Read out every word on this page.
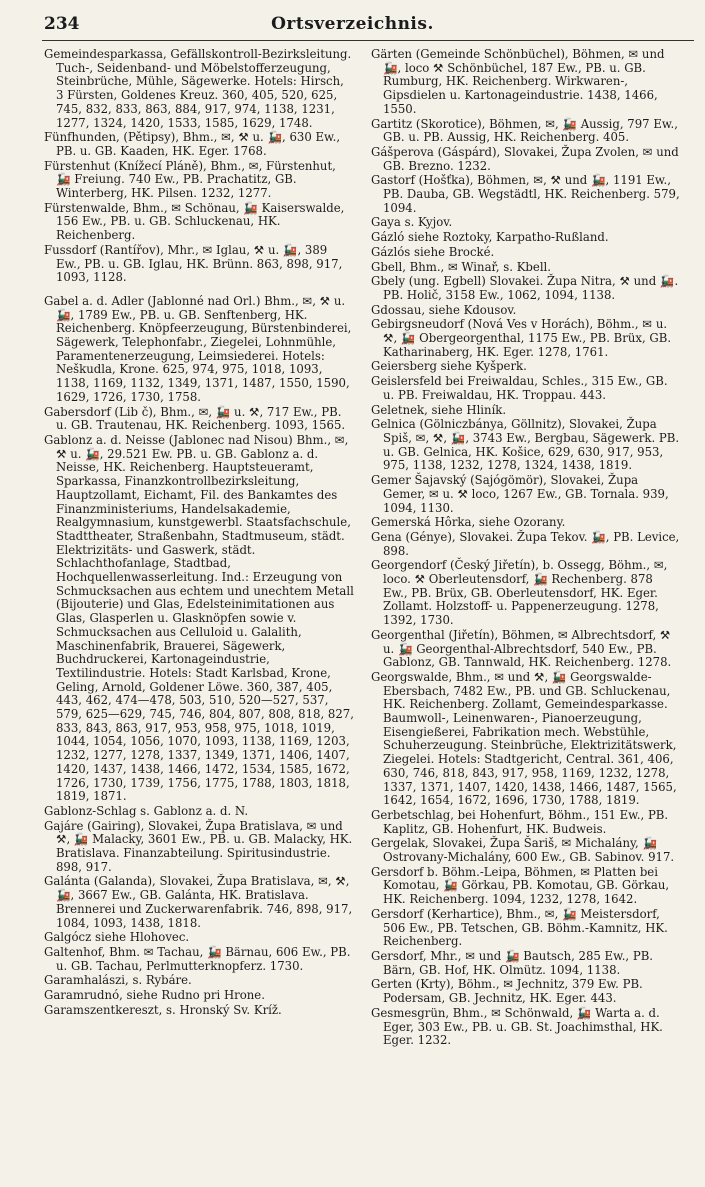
234	Ortsverzeichnis.

Gemeindesparkassa, Gefällskontroll-Bezirksleitung. Tuch-, Seidenband- und Möbelstofferzeugung, Steinbrüche, Mühle, Sägewerke. Hotels: Hirsch, 3 Fürsten, Goldenes Kreuz. 360, 405, 520, 625, 745, 832, 833, 863, 884, 917, 974, 1138, 1231, 1277, 1324, 1420, 1533, 1585, 1629, 1748.

Fünfhunden, (Pětipsy), Bhm., ✉, ⚒ u. 🚂, 630 Ew., PB. u. GB. Kaaden, HK. Eger. 1768.

Fürstenhut (Knížecí Pláně), Bhm., ✉, Fürstenhut, 🚂 Freiung. 740 Ew., PB. Prachatitz, GB. Winterberg, HK. Pilsen. 1232, 1277.

Fürstenwalde, Bhm., ✉ Schönau, 🚂 Kaiserswalde, 156 Ew., PB. u. GB. Schluckenau, HK. Reichenberg.

Fussdorf (Rantířov), Mhr., ✉ Iglau, ⚒ u. 🚂, 389 Ew., PB. u. GB. Iglau, HK. Brünn. 863, 898, 917, 1093, 1128.

Gabel a. d. Adler (Jablonné nad Orl.) Bhm., ✉, ⚒ u. 🚂, 1789 Ew., PB. u. GB. Senftenberg, HK. Reichenberg. Knöpfeerzeugung, Bürstenbinderei, Sägewerk, Telephonfabr., Ziegelei, Lohnmühle, Paramentenerzeugung, Leimsiederei. Hotels: Neškudla, Krone. 625, 974, 975, 1018, 1093, 1138, 1169, 1132, 1349, 1371, 1487, 1550, 1590, 1629, 1726, 1730, 1758.

Gabersdorf (Lib č), Bhm., ✉, 🚂 u. ⚒, 717 Ew., PB. u. GB. Trautenau, HK. Reichenberg. 1093, 1565.

Gablonz a. d. Neisse (Jablonec nad Nisou) Bhm., ✉, ⚒ u. 🚂, 29.521 Ew. PB. u. GB. Gablonz a. d. Neisse, HK. Reichenberg. Hauptsteueramt, Sparkassa, Finanzkontrollbezirksleitung, Hauptzollamt, Eichamt, Fil. des Bankamtes des Finanzministeriums, Handelsakademie, Realgymnasium, kunstgewerbl. Staatsfachschule, Stadttheater, Straßenbahn, Stadtmuseum, städt. Elektrizitäts- und Gaswerk, städt. Schlachthofanlage, Stadtbad, Hochquellenwasserleitung. Ind.: Erzeugung von Schmucksachen aus echtem und unechtem Metall (Bijouterie) und Glas, Edelsteinimitationen aus Glas, Glasperlen u. Glasknöpfen sowie v. Schmucksachen aus Celluloid u. Galalith, Maschinenfabrik, Brauerei, Sägewerk, Buchdruckerei, Kartonageindustrie, Textilindustrie. Hotels: Stadt Karlsbad, Krone, Geling, Arnold, Goldener Löwe. 360, 387, 405, 443, 462, 474—478, 503, 510, 520—527, 537, 579, 625—629, 745, 746, 804, 807, 808, 818, 827, 833, 843, 863, 917, 953, 958, 975, 1018, 1019, 1044, 1054, 1056, 1070, 1093, 1138, 1169, 1203, 1232, 1277, 1278, 1337, 1349, 1371, 1406, 1407, 1420, 1437, 1438, 1466, 1472, 1534, 1585, 1672, 1726, 1730, 1739, 1756, 1775, 1788, 1803, 1818, 1819, 1871.

Gablonz-Schlag s. Gablonz a. d. N.

Gajáre (Gairing), Slovakei, Župa Bratislava, ✉ und ⚒, 🚂 Malacky, 3601 Ew., PB. u. GB. Malacky, HK. Bratislava. Finanzabteilung. Spiritusindustrie. 898, 917.

Galánta (Galanda), Slovakei, Župa Bratislava, ✉, ⚒, 🚂, 3667 Ew., GB. Galánta, HK. Bratislava. Brennerei und Zuckerwarenfabrik. 746, 898, 917, 1084, 1093, 1438, 1818.

Galgócz siehe Hlohovec.

Galtenhof, Bhm. ✉ Tachau, 🚂 Bärnau, 606 Ew., PB. u. GB. Tachau, Perlmutterknopferz. 1730.

Garamhalászi, s. Rybáre.

Garamrudnó, siehe Rudno pri Hrone.

Garamszentkereszt, s. Hronský Sv. Kríž.

Gärten (Gemeinde Schönbüchel), Böhmen, ✉ und 🚂, loco ⚒ Schönbüchel, 187 Ew., PB. u. GB. Rumburg, HK. Reichenberg. Wirkwaren-, Gipsdielen u. Kartonageindustrie. 1438, 1466, 1550.

Gartitz (Skorotice), Böhmen, ✉, 🚂 Aussig, 797 Ew., GB. u. PB. Aussig, HK. Reichenberg. 405.

Gášperova (Gáspárd), Slovakei, Župa Zvolen, ✉ und GB. Brezno. 1232.

Gastorf (Hošťka), Böhmen, ✉, ⚒ und 🚂, 1191 Ew., PB. Dauba, GB. Wegstädtl, HK. Reichenberg. 579, 1094.

Gaya s. Kyjov.

Gázló siehe Roztoky, Karpatho-Rußland.

Gázlós siehe Brocké.

Gbell, Bhm., ✉ Winař, s. Kbell.

Gbely (ung. Egbell) Slovakei. Župa Nitra, ⚒ und 🚂. PB. Holič, 3158 Ew., 1062, 1094, 1138.

Gdossau, siehe Kdousov.

Gebirgsneudorf (Nová Ves v Horách), Böhm., ✉ u. ⚒, 🚂 Obergeorgenthal, 1175 Ew., PB. Brüx, GB. Katharinaberg, HK. Eger. 1278, 1761.

Geiersberg siehe Kyšperk.

Geislersfeld bei Freiwaldau, Schles., 315 Ew., GB. u. PB. Freiwaldau, HK. Troppau. 443.

Geletnek, siehe Hliník.

Gelnica (Gölniczbánya, Göllnitz), Slovakei, Župa Spiš, ✉, ⚒, 🚂, 3743 Ew., Bergbau, Sägewerk. PB. u. GB. Gelnica, HK. Košice, 629, 630, 917, 953, 975, 1138, 1232, 1278, 1324, 1438, 1819.

Gemer Šajavský (Sajógömör), Slovakei, Župa Gemer, ✉ u. ⚒ loco, 1267 Ew., GB. Tornala. 939, 1094, 1130.

Gemerská Hôrka, siehe Ozorany.

Gena (Gényе), Slovakei. Župa Tekov. 🚂, PB. Levice, 898.

Georgendorf (Český Jiřetín), b. Ossegg, Böhm., ✉, loco. ⚒ Oberleutensdorf, 🚂 Rechenberg. 878 Ew., PB. Brüx, GB. Oberleutensdorf, HK. Eger. Zollamt. Holzstoff- u. Pappenerzeugung. 1278, 1392, 1730.

Georgenthal (Jiřetín), Böhmen, ✉ Albrechtsdorf, ⚒ u. 🚂 Georgenthal-Albrechtsdorf, 540 Ew., PB. Gablonz, GB. Tannwald, HK. Reichenberg. 1278.

Georgswalde, Bhm., ✉ und ⚒, 🚂 Georgswalde-Ebersbach, 7482 Ew., PB. und GB. Schluckenau, HK. Reichenberg. Zollamt, Gemeindesparkasse. Baumwoll-, Leinenwaren-, Pianoerzeugung, Eisengießerei, Fabrikation mech. Webstühle, Schuherzeugung. Steinbrüche, Elektrizitätswerk, Ziegelei. Hotels: Stadtgericht, Central. 361, 406, 630, 746, 818, 843, 917, 958, 1169, 1232, 1278, 1337, 1371, 1407, 1420, 1438, 1466, 1487, 1565, 1642, 1654, 1672, 1696, 1730, 1788, 1819.

Gerbetschlag, bei Hohenfurt, Böhm., 151 Ew., PB. Kaplitz, GB. Hohenfurt, HK. Budweis.

Gergelak, Slovakei, Župa Šariš, ✉ Michalány, 🚂 Ostrovany-Michalány, 600 Ew., GB. Sabinov. 917.

Gersdorf b. Böhm.-Leipa, Böhmen, ✉ Platten bei Komotau, 🚂 Görkau, PB. Komotau, GB. Görkau, HK. Reichenberg. 1094, 1232, 1278, 1642.

Gersdorf (Kerhartice), Bhm., ✉, 🚂 Meistersdorf, 506 Ew., PB. Tetschen, GB. Böhm.-Kamnitz, HK. Reichenberg.

Gersdorf, Mhr., ✉ und 🚂 Bautsch, 285 Ew., PB. Bärn, GB. Hof, HK. Olmütz. 1094, 1138.

Gerten (Krty), Böhm., ✉ Jechnitz, 379 Ew. PB. Podersam, GB. Jechnitz, HK. Eger. 443.

Gesmesgrün, Bhm., ✉ Schönwald, 🚂 Warta a. d. Eger, 303 Ew., PB. u. GB. St. Joachimsthal, HK. Eger. 1232.
